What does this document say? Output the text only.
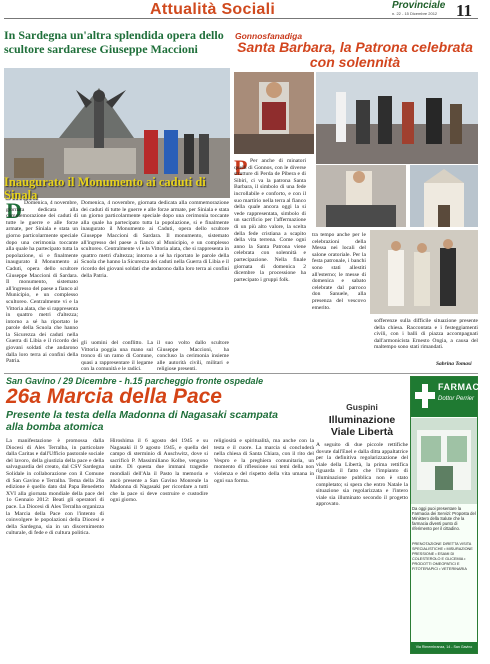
Attualità Sociali	Provinciale
n. 22 - 15 Dicembre 2012 11
In Sardegna un'altra splendida opera dello scultore sardarese Giuseppe Maccioni
Inaugurato il Monumento ai caduti di Sinala
D Domenica, 4 novembre, giornata dedicata alla commemorazione dei caduti di tutte le guerre e alle forze armate, per Siniala e stata un giorno particolarmente speciale dopo una cerimonia toccante alla quale ha partecipato tutta la popolazione, si e finalmente inaugurato il Monumento ai Caduti, opera dello scultore Giuseppe Maccioni di Sardara. Il monumento, sistemato all'ingresso del paese a fianco al Municipio, e un complesso scultoreo. Centralmente vi e la Vittoria alata, che si rappresenta in quattro metri d'altezza; intorno a sé ha riportato le parole della Scuola che hanno la Sicurezza dei caduti nella Guerra di Libia e il ricordo dei giovani soldati che andarono dalla loro terra ai confini della Patria.

gli uomini del conflitto. La Vittoria poggia una mano sul tronco di un ramo di Comune, quasi a rappresentare il legame con la comunità e le radici.

il suo volto dallo scultore Giuseppe Maccioni, ha concluso la cerimonia insieme alle autorità civili, militari e religiose presenti.

Domenica, 4 novembre, giornata dedicata alla commemorazione dei caduti di tutte le guerre e alle forze armate, per Siniala e stata un giorno particolarmente speciale dopo una cerimonia toccante alla quale ha partecipato tutta la popolazione, si e finalmente inaugurato il Monumento ai Caduti, opera dello scultore Giuseppe Maccioni di Sardara. Il monumento, sistemato all'ingresso del paese a fianco al Municipio, e un complesso scultoreo. Centralmente vi e la Vittoria alata, che si rappresenta in quattro metri d'altezza; intorno a sé ha riportato le parole della Scuola che hanno la Sicurezza dei caduti nella Guerra di Libia e il ricordo dei giovani soldati che andarono dalla loro terra ai confini della Patria.

Gonnosfanadiga
Santa Barbara, la Patrona celebrata con solennità
P Per anche di minatori quelli di Gonnos, con le diverse strutture di Perda de Pibera e di Sibiri, ci va la patrona Santa Barbara, il simbolo di una fede incrollabile e conforto, e con il suo martirio nella terra al fianco della quale ancora oggi la si vede rappresentata, simbolo di un sacrificio per l'affermazione di un più alto valore, la scelta della fede cristiana a scapito della vita terrena. Come ogni anno la Santa Patrona viene celebrata con solennità e partecipazione. Nella finale giornata di domenica 2 dicembre la processione ha partecipato i gruppi folk.

tra tempo anche per le celebrazioni della Messa nei locali del salone oratoriale. Per la festa patronale, i banchi sono stati allestiti all'esterno; le messe di domenica e sabato celebrate dal parroco don Sanuele, alla presenza del vescovo emerito.

sofferenze sulla difficile situazione presente della chiesa. Raccontata e i festeggiamenti civili, con i balli di piazza accompagnati dall'armonicista Ernesto Ongia, a causa del maltempo sono stati rimandati.

Sabrina Tomasi
San Gavino / 29 Dicembre - h.15 parcheggio fronte ospedale
26a Marcia della Pace
Presente la testa della Madonna di Nagasaki scampata alla bomba atomica

La manifestazione è promossa dalla Diocesi di Ales Terralba, in particolare dalla Caritas e dall'Ufficio pastorale sociale del lavoro, della giustizia della pace e della salvaguardia del creato, dal CSV Sardegna Solidale in collaborazione con il Comune di San Gavino e Terralba. Tema della 26a edizione è quello dato dal Papa Benedetto XVI alla giornata mondiale della pace del 1o Gennaio 2012: Beati gli operatori di pace. La Diocesi di Ales Terralba organizza la Marcia della Pace con l'intento di coinvolgere le popolazioni della Diocesi e della Sardegna, sia in un discernimento culturale, di fede e di cultura politica.

Hiroshima il 6 agosto del 1945 e su Nagasaki il 9 agosto 1945, e quella del campo di sterminio di Auschwitz, dove si sacrificò P. Massimiliano Kolbe, vengono unite. Di questa due immani tragedie mondiali dell'Ala il Pasto la memoria e ancò presente a San Gavino Monreale la Madonna di Nagasaki per ricordare a tutti che la pace si deve costruire e custodire ogni giorno.

religiosità e spiritualità, ma anche con la testa e il cuore. La marcia si concluderà nella chiesa di Santa Chiara, con il rito del Vespro e la preghiera comunitaria, un momento di riflessione sui temi della non violenza e del rispetto della vita umana in ogni sua forma.

Guspini
Illuminazione Viale Libertà

A seguito di due piccole rettifiche dovute dall'Enel e dalla ditta appaltatrice per la definitiva regolarizzazione del viale della Libertà, la prima rettifica riguarda il fatto che l'impianto di illuminazione pubblica non è stato completato; si spera che entro Natale la situazione sia regolarizzata e l'intero viale sia illuminato secondo il progetto approvato.

FARMACIA
Dottor Perrier
Da oggi puoi presentare la Farmacia dei Servizi: Proposta del Ministero della Salute che la farmacia diventi punto di riferimento per il cittadino.
PRENOTAZIONE DIRETTA VISITA SPECIALISTICHE • MISURAZIONE PRESSIONE • ESAMI DI COLESTEROLO E GLICEMIA • PRODOTTI OMEOPATICI E FITOTERAPICI • VETERINARIA
Via Rimembranza, 14 - San Gavino Monreale (VS) - Tel. 070.9339090
